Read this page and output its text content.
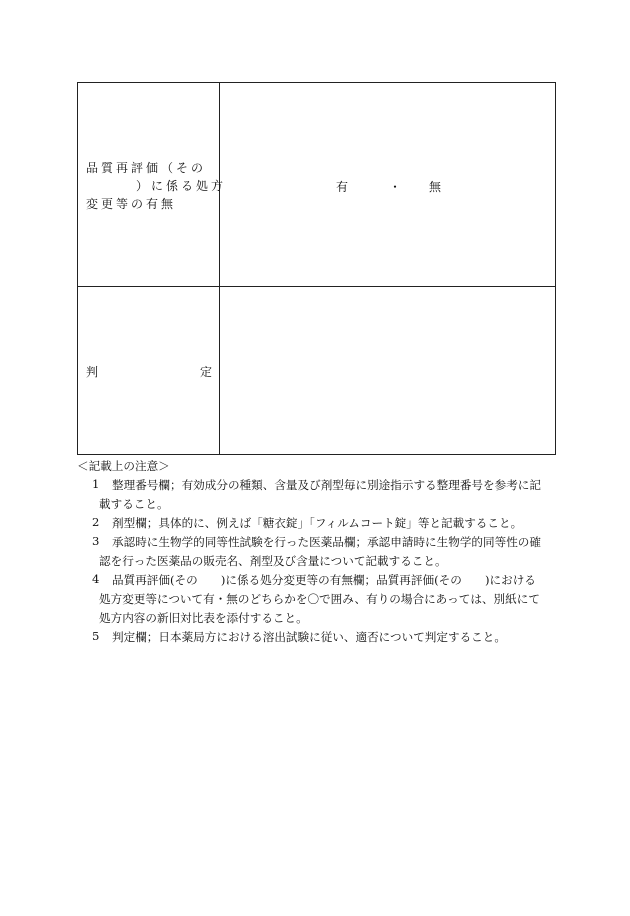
品質再評価（その
）に係る処方
変更等の有無
有	・ 無
判	定
＜記載上の注意＞
1 整理番号欄；有効成分の種類、含量及び剤型毎に別途指示する整理番号を参考に記
載すること。
2 剤型欄；具体的に、例えば「糖衣錠」「フィルムコート錠」等と記載すること。
3 承認時に生物学的同等性試験を行った医薬品欄；承認申請時に生物学的同等性の確
認を行った医薬品の販売名、剤型及び含量について記載すること。
4 品質再評価(その　　)に係る処分変更等の有無欄；品質再評価(その　　)における
処方変更等について有・無のどちらかを〇で囲み、有りの場合にあっては、別紙にて
処方内容の新旧対比表を添付すること。
5 判定欄；日本薬局方における溶出試験に従い、適否について判定すること。
